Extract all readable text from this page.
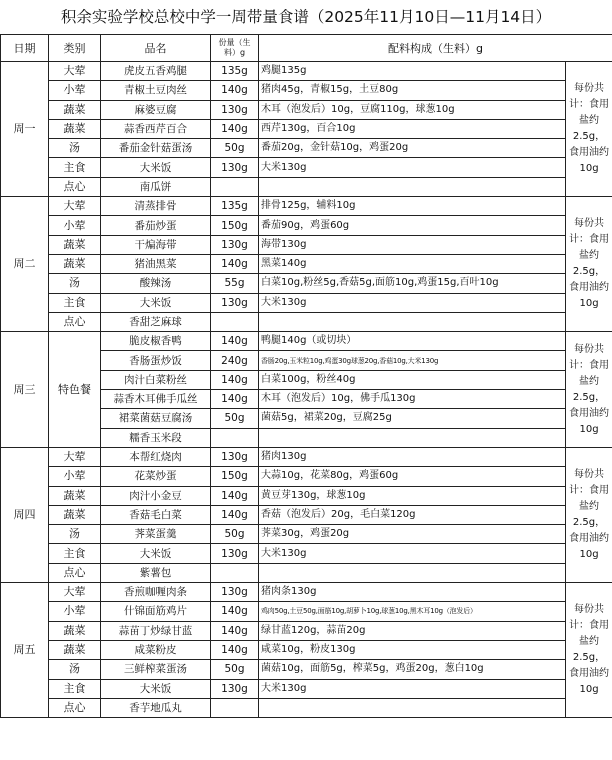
积余实验学校总校中学一周带量食谱（2025年11月10日—11月14日）
日期	类别	品名	份量（生料）g	配料构成（生料）g	
周一	大荤	虎皮五香鸡腿	135g	鸡腿135g	每份共计：食用盐约2.5g，食用油约10g
	小荤	青椒土豆肉丝	140g	猪肉45g，青椒15g，土豆80g	
	蔬菜	麻婆豆腐	130g	木耳（泡发后）10g，豆腐110g，球葱10g	
	蔬菜	蒜香西芹百合	140g	西芹130g，百合10g	
	汤	番茄金针菇蛋汤	50g	番茄20g，金针菇10g，鸡蛋20g	
	主食	大米饭	130g	大米130g	
	点心	南瓜饼			
周二	大荤	清蒸排骨	135g	排骨125g，辅料10g	每份共计：食用盐约2.5g，食用油约10g
	小荤	番茄炒蛋	150g	番茄90g，鸡蛋60g	
	蔬菜	干煸海带	130g	海带130g	
	蔬菜	猪油黑菜	140g	黑菜140g	
	汤	酸辣汤	55g	白菜10g,粉丝5g,香菇5g,面筋10g,鸡蛋15g,百叶10g	
	主食	大米饭	130g	大米130g	
	点心	香甜芝麻球			
周三	特色餐	脆皮椒香鸭	140g	鸭腿140g（或切块）	每份共计：食用盐约2.5g，食用油约10g
		香肠蛋炒饭	240g	香肠20g,玉米粒10g,鸡蛋30g球葱20g,香菇10g,大米130g	
		肉汁白菜粉丝	140g	白菜100g，粉丝40g	
		蒜香木耳佛手瓜丝	140g	木耳（泡发后）10g，佛手瓜130g	
		裙菜菌菇豆腐汤	50g	菌菇5g，裙菜20g，豆腐25g	
		糯香玉米段			
周四	大荤	本帮红烧肉	130g	猪肉130g	每份共计：食用盐约2.5g，食用油约10g
	小荤	花菜炒蛋	150g	大蒜10g，花菜80g，鸡蛋60g	
	蔬菜	肉汁小金豆	140g	黄豆芽130g，球葱10g	
	蔬菜	香菇毛白菜	140g	香菇（泡发后）20g，毛白菜120g	
	汤	荠菜蛋羹	50g	荠菜30g，鸡蛋20g	
	主食	大米饭	130g	大米130g	
	点心	紫薯包			
周五	大荤	香煎咖喱肉条	130g	猪肉条130g	每份共计：食用盐约2.5g，食用油约10g
	小荤	什锦面筋鸡片	140g	鸡肉50g,土豆50g,面筋10g,胡萝卜10g,球葱10g,黑木耳10g（泡发后）	
	蔬菜	蒜苗丁炒绿甘蓝	140g	绿甘蓝120g，蒜苗20g	
	蔬菜	咸菜粉皮	140g	咸菜10g，粉皮130g	
	汤	三鲜榨菜蛋汤	50g	菌菇10g，面筋5g，榨菜5g，鸡蛋20g，葱白10g	
	主食	大米饭	130g	大米130g	
	点心	香芋地瓜丸			
